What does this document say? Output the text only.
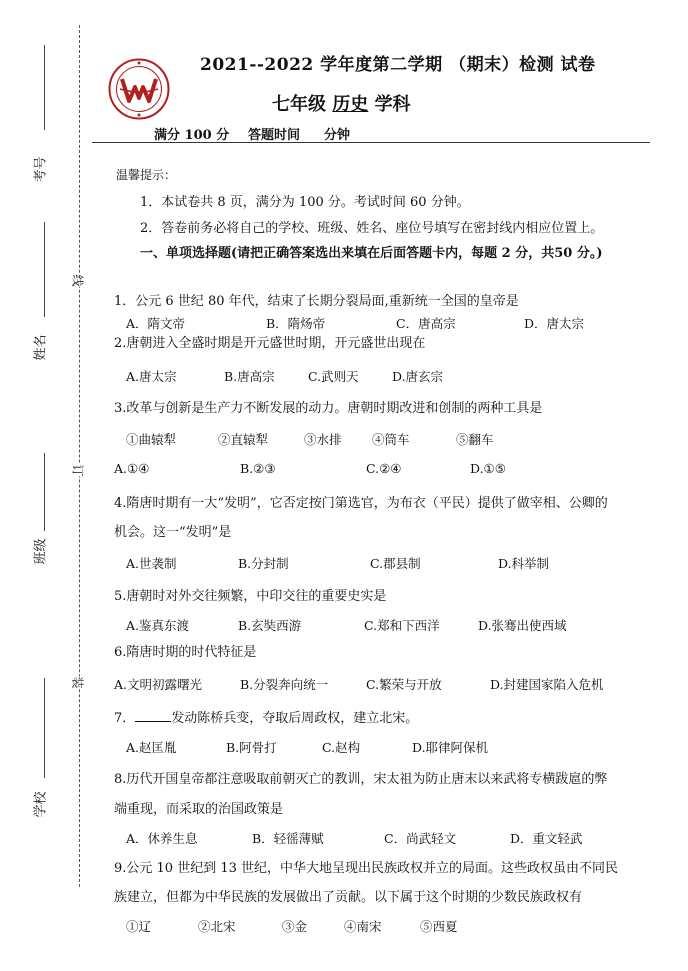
考号
姓名
班级
学校
线
订
装
2021--2022 学年度第二学期 （期末）检测 试卷
七年级 历史 学科
满分 100 分 答题时间 分钟
温馨提示：
1．本试卷共 8 页，满分为 100 分。考试时间 60 分钟。
2．答卷前务必将自己的学校、班级、姓名、座位号填写在密封线内相应位置上。
一、单项选择题(请把正确答案选出来填在后面答题卡内，每题 2 分，共50 分。)
1．公元 6 世纪 80 年代，结束了长期分裂局面,重新统一全国的皇帝是
A．隋文帝	B．隋炀帝	C．唐高宗	D．唐太宗
2.唐朝进入全盛时期是开元盛世时期，开元盛世出现在
A.唐太宗	B.唐高宗	C.武则天	D.唐玄宗
3.改革与创新是生产力不断发展的动力。唐朝时期改进和创制的两种工具是
①曲辕犁	②直辕犁	③水排 ④筒车	⑤翻车
A.①④	B.②③	C.②④	D.①⑤
4.隋唐时期有一大“发明”，它否定按门第选官，为布衣（平民）提供了做宰相、公卿的
机会。这一“发明”是
A.世袭制	B.分封制	C.郡县制	D.科举制
5.唐朝时对外交往频繁，中印交往的重要史实是
A.鉴真东渡	B.玄奘西游	C.郑和下西洋	D.张骞出使西域
6.隋唐时期的时代特征是
A.文明初露曙光	B.分裂奔向统一	C.繁荣与开放	D.封建国家陷入危机
7．	发动陈桥兵变，夺取后周政权，建立北宋。
A.赵匡胤	B.阿骨打	C.赵构	D.耶律阿保机
8.历代开国皇帝都注意吸取前朝灭亡的教训，宋太祖为防止唐末以来武将专横跋扈的弊
端重现，而采取的治国政策是
A．休养生息	B．轻徭薄赋	C．尚武轻文	D．重文轻武
9.公元 10 世纪到 13 世纪，中华大地呈现出民族政权并立的局面。这些政权虽由不同民
族建立，但都为中华民族的发展做出了贡献。以下属于这个时期的少数民族政权有
①辽	②北宋	③金	④南宋	⑤西夏
